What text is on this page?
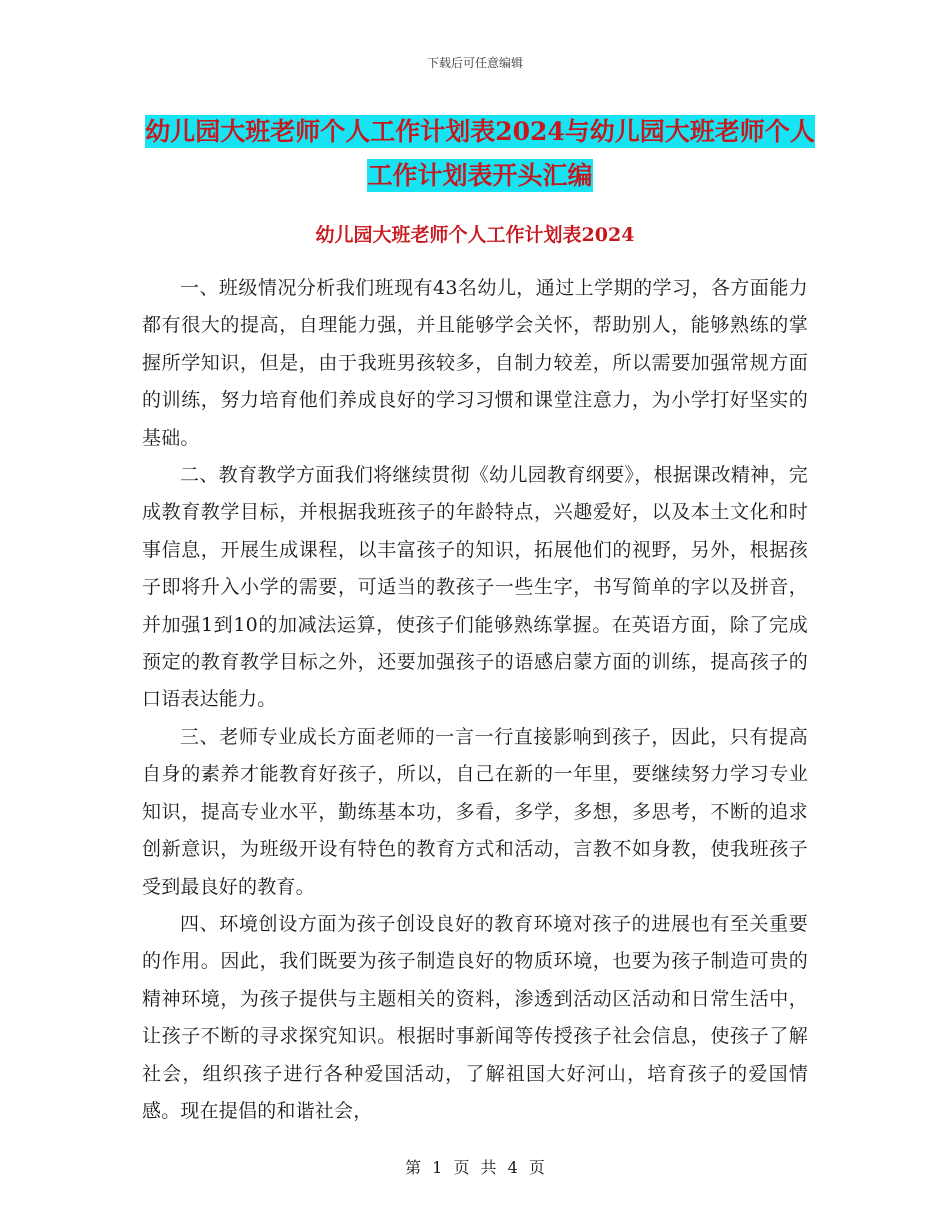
下载后可任意编辑
幼儿园大班老师个人工作计划表2024与幼儿园大班老师个人工作计划表开头汇编
幼儿园大班老师个人工作计划表2024

一、班级情况分析我们班现有43名幼儿，通过上学期的学习，各方面能力都有很大的提高，自理能力强，并且能够学会关怀，帮助别人，能够熟练的掌握所学知识，但是，由于我班男孩较多，自制力较差，所以需要加强常规方面的训练，努力培育他们养成良好的学习习惯和课堂注意力，为小学打好坚实的基础。

二、教育教学方面我们将继续贯彻《幼儿园教育纲要》，根据课改精神，完成教育教学目标，并根据我班孩子的年龄特点，兴趣爱好，以及本土文化和时事信息，开展生成课程，以丰富孩子的知识，拓展他们的视野，另外，根据孩子即将升入小学的需要，可适当的教孩子一些生字，书写简单的字以及拼音，并加强1到10的加减法运算，使孩子们能够熟练掌握。在英语方面，除了完成预定的教育教学目标之外，还要加强孩子的语感启蒙方面的训练，提高孩子的口语表达能力。

三、老师专业成长方面老师的一言一行直接影响到孩子，因此，只有提高自身的素养才能教育好孩子，所以，自己在新的一年里，要继续努力学习专业知识，提高专业水平，勤练基本功，多看，多学，多想，多思考，不断的追求创新意识，为班级开设有特色的教育方式和活动，言教不如身教，使我班孩子受到最良好的教育。

四、环境创设方面为孩子创设良好的教育环境对孩子的进展也有至关重要的作用。因此，我们既要为孩子制造良好的物质环境，也要为孩子制造可贵的精神环境，为孩子提供与主题相关的资料，渗透到活动区活动和日常生活中，让孩子不断的寻求探究知识。根据时事新闻等传授孩子社会信息，使孩子了解社会，组织孩子进行各种爱国活动，了解祖国大好河山，培育孩子的爱国情感。现在提倡的和谐社会，

第 1 页 共 4 页
